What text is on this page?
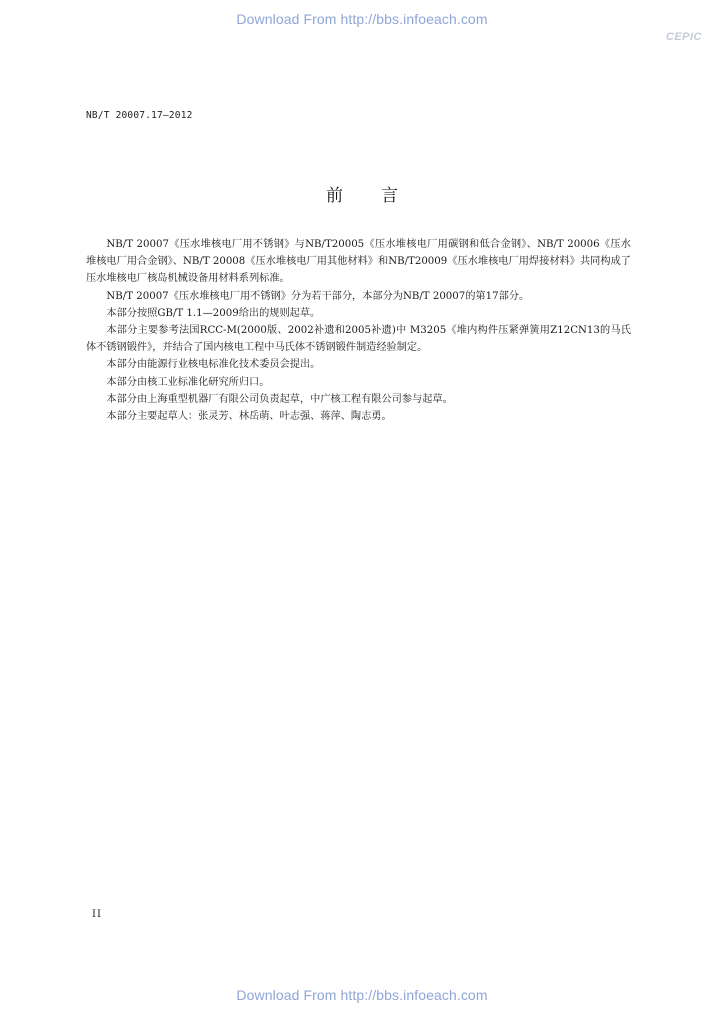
Download From http://bbs.infoeach.com
CEPIC
NB/T 20007.17—2012
前言

NB/T 20007《压水堆核电厂用不锈钢》与NB/T20005《压水堆核电厂用碳钢和低合金钢》、NB/T 20006《压水堆核电厂用合金钢》、NB/T 20008《压水堆核电厂用其他材料》和NB/T20009《压水堆核电厂用焊接材料》共同构成了压水堆核电厂核岛机械设备用材料系列标准。

NB/T 20007《压水堆核电厂用不锈钢》分为若干部分，本部分为NB/T 20007的第17部分。

本部分按照GB/T 1.1—2009给出的规则起草。

本部分主要参考法国RCC-M(2000版、2002补遗和2005补遗)中 M3205《堆内构件压紧弹簧用Z12CN13的马氏体不锈钢锻件》，并结合了国内核电工程中马氏体不锈钢锻件制造经验制定。

本部分由能源行业核电标准化技术委员会提出。

本部分由核工业标准化研究所归口。

本部分由上海重型机器厂有限公司负责起草，中广核工程有限公司参与起草。

本部分主要起草人：张灵芳、林岳萌、叶志强、蒋萍、陶志勇。

II
Download From http://bbs.infoeach.com
